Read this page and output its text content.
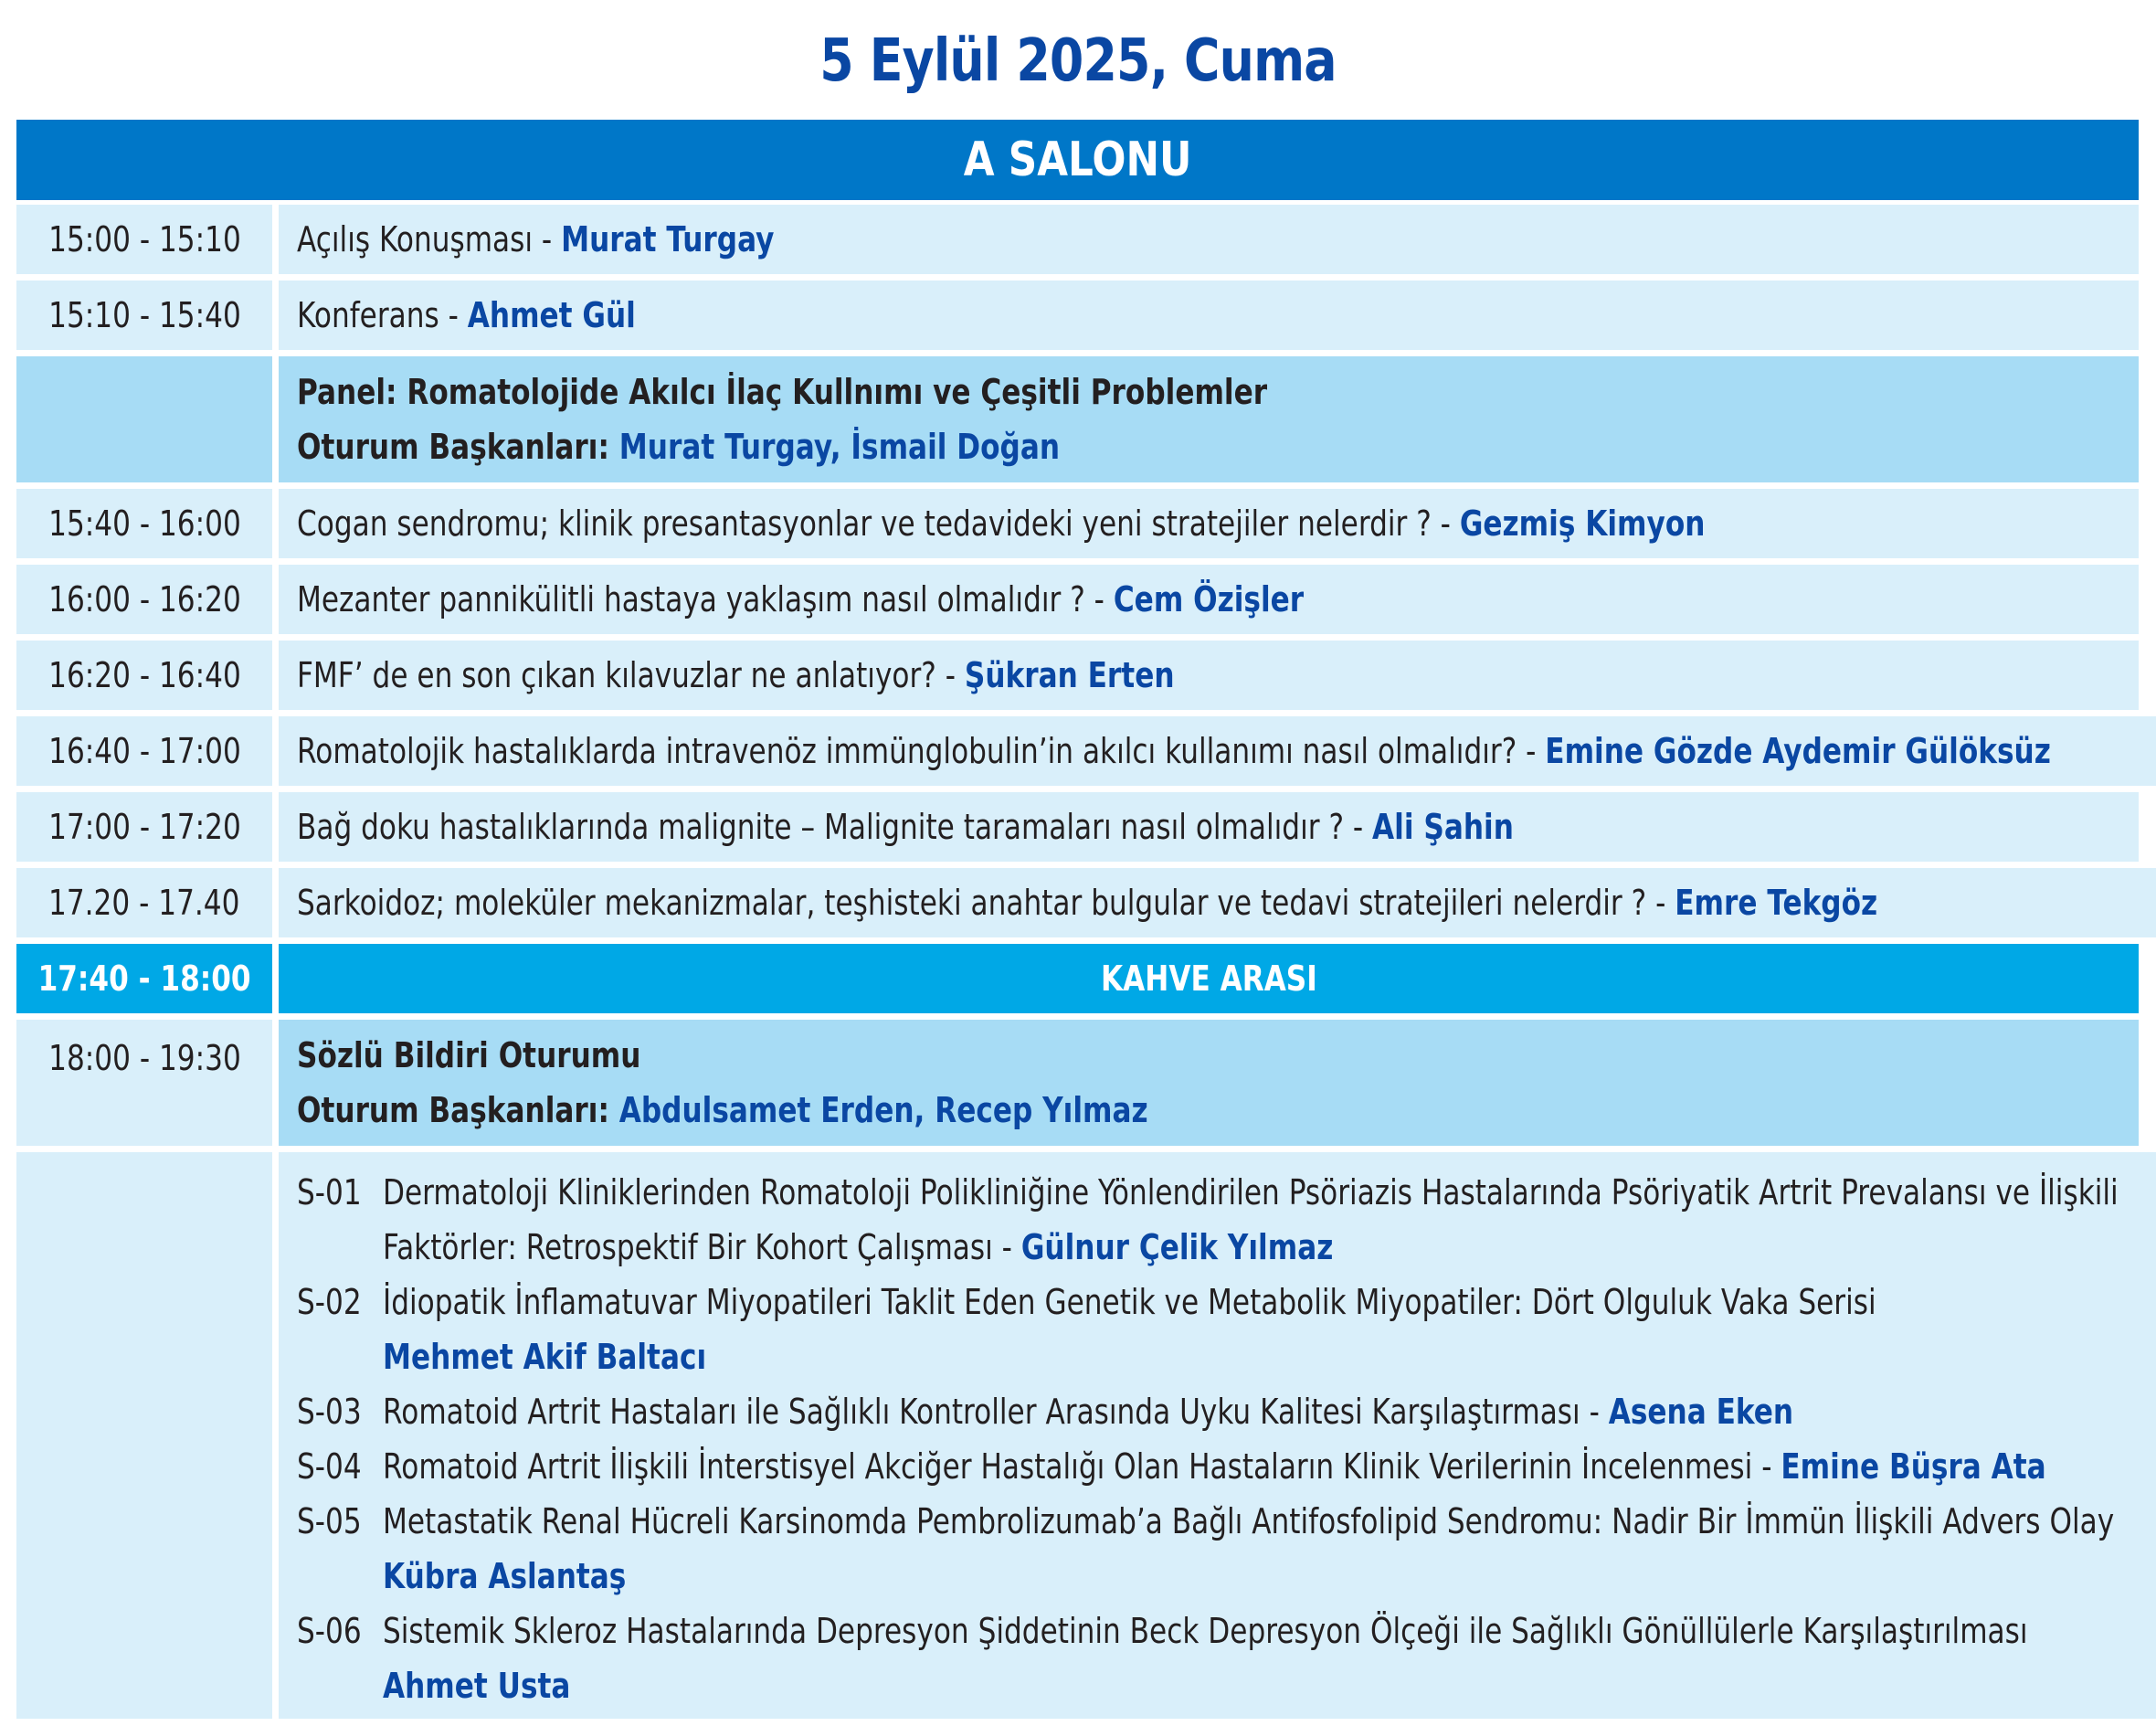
5 Eylül 2025, Cuma
A SALONU
15:00 - 15:10 Açılış Konuşması - Murat Turgay
15:10 - 15:40 Konferans - Ahmet Gül
Panel: Romatolojide Akılcı İlaç Kullnımı ve Çeşitli Problemler
Oturum Başkanları: Murat Turgay, İsmail Doğan
15:40 - 16:00 Cogan sendromu; klinik presantasyonlar ve tedavideki yeni stratejiler nelerdir ? - Gezmiş Kimyon
16:00 - 16:20 Mezanter pannikülitli hastaya yaklaşım nasıl olmalıdır ? - Cem Özişler
16:20 - 16:40 FMF’ de en son çıkan kılavuzlar ne anlatıyor? - Şükran Erten
16:40 - 17:00 Romatolojik hastalıklarda intravenöz immünglobulin’in akılcı kullanımı nasıl olmalıdır? - Emine Gözde Aydemir Gülöksüz
17:00 - 17:20 Bağ doku hastalıklarında malignite – Malignite taramaları nasıl olmalıdır ? - Ali Şahin
17.20 - 17.40 Sarkoidoz; moleküler mekanizmalar, teşhisteki anahtar bulgular ve tedavi stratejileri nelerdir ? - Emre Tekgöz
17:40 - 18:00	KAHVE ARASI
18:00 - 19:30 Sözlü Bildiri Oturumu
Oturum Başkanları: Abdulsamet Erden, Recep Yılmaz
S-01 Dermatoloji Kliniklerinden Romatoloji Polikliniğine Yönlendirilen Psöriazis Hastalarında Psöriyatik Artrit Prevalansı ve İlişkili
Faktörler: Retrospektif Bir Kohort Çalışması - Gülnur Çelik Yılmaz
S-02 İdiopatik İnflamatuvar Miyopatileri Taklit Eden Genetik ve Metabolik Miyopatiler: Dört Olguluk Vaka Serisi
Mehmet Akif Baltacı
S-03 Romatoid Artrit Hastaları ile Sağlıklı Kontroller Arasında Uyku Kalitesi Karşılaştırması - Asena Eken
S-04 Romatoid Artrit İlişkili İnterstisyel Akciğer Hastalığı Olan Hastaların Klinik Verilerinin İncelenmesi - Emine Büşra Ata
S-05 Metastatik Renal Hücreli Karsinomda Pembrolizumab’a Bağlı Antifosfolipid Sendromu: Nadir Bir İmmün İlişkili Advers Olay
Kübra Aslantaş
S-06 Sistemik Skleroz Hastalarında Depresyon Şiddetinin Beck Depresyon Ölçeği ile Sağlıklı Gönüllülerle Karşılaştırılması
Ahmet Usta
